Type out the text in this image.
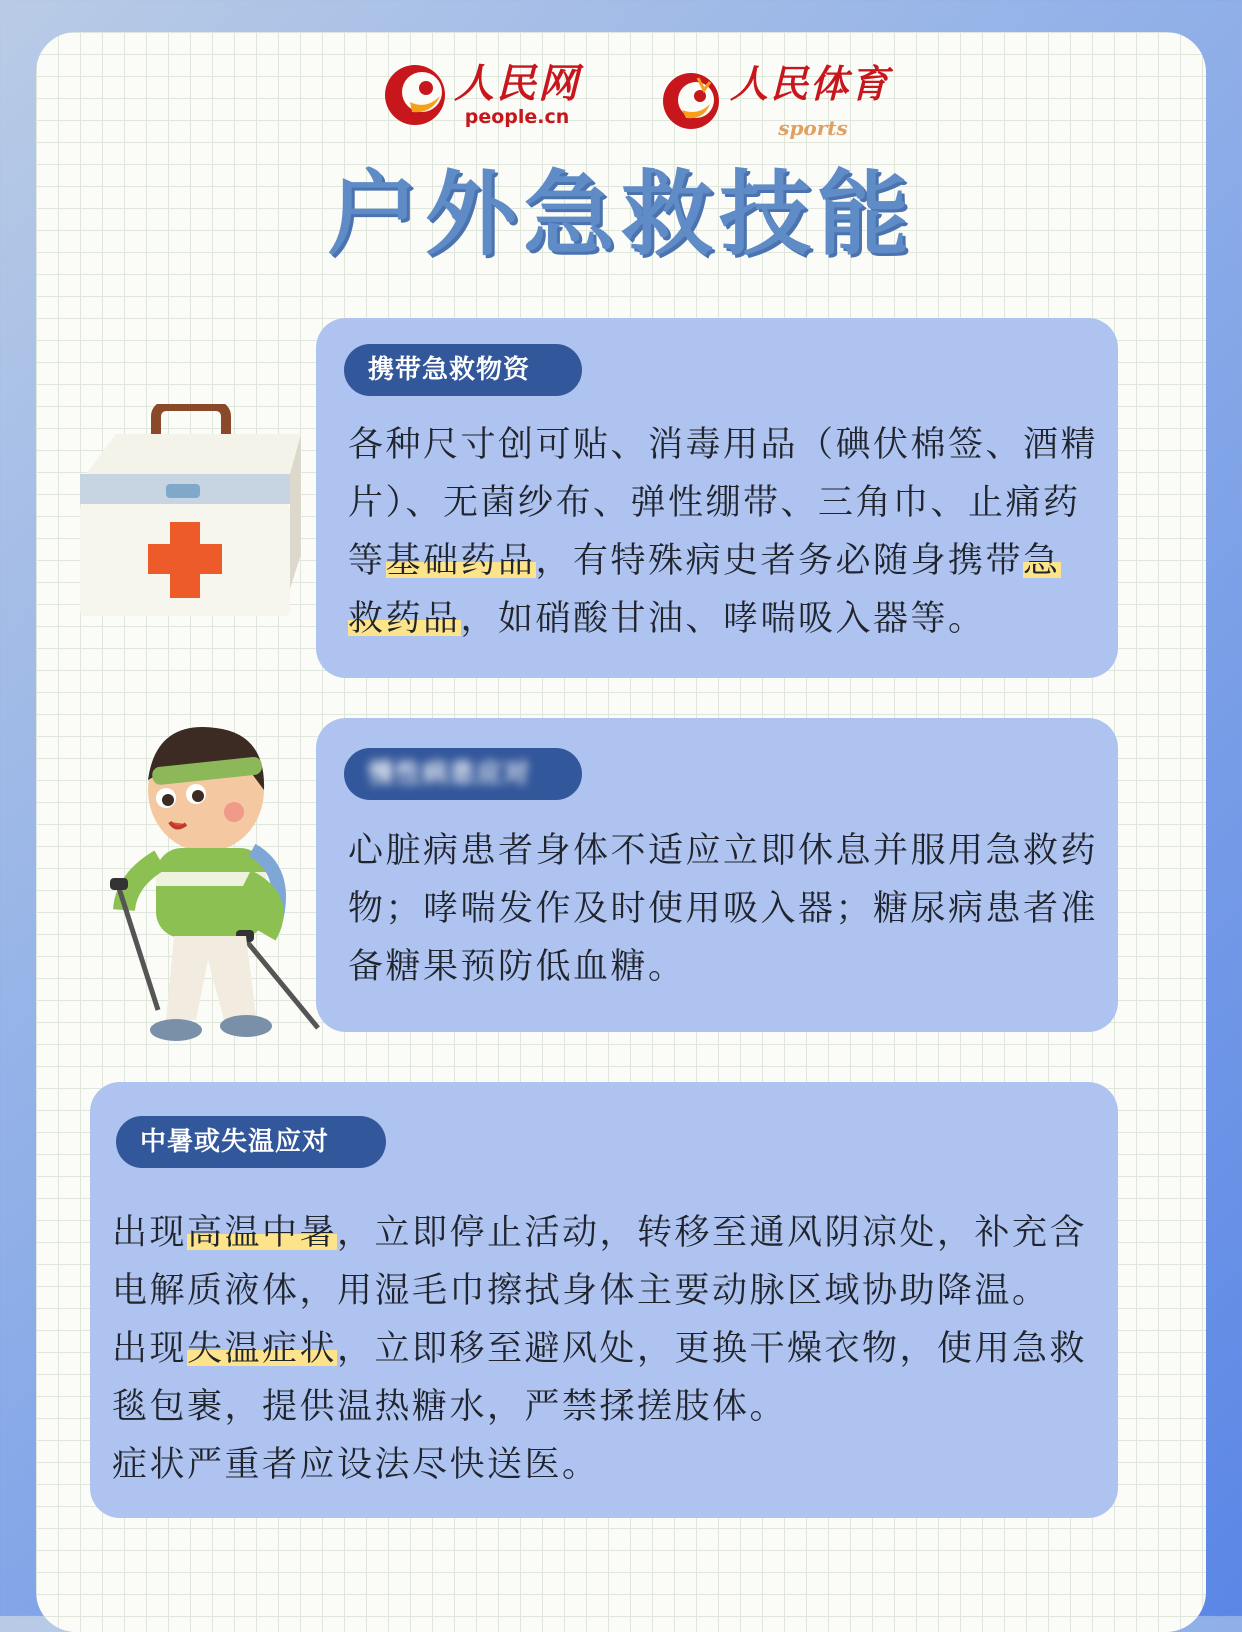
人民网
people.cn
人民体育
sports
户外急救技能
携带急救物资
各种尺寸创可贴、消毒用品（碘伏棉签、酒精片）、无菌纱布、弹性绷带、三角巾、止痛药等基础药品，有特殊病史者务必随身携带急救药品，如硝酸甘油、哮喘吸入器等。
慢性病患应对
心脏病患者身体不适应立即休息并服用急救药物；哮喘发作及时使用吸入器；糖尿病患者准备糖果预防低血糖。
中暑或失温应对
出现高温中暑，立即停止活动，转移至通风阴凉处，补充含电解质液体，用湿毛巾擦拭身体主要动脉区域协助降温。
出现失温症状，立即移至避风处，更换干燥衣物，使用急救毯包裹，提供温热糖水，严禁揉搓肢体。
症状严重者应设法尽快送医。
